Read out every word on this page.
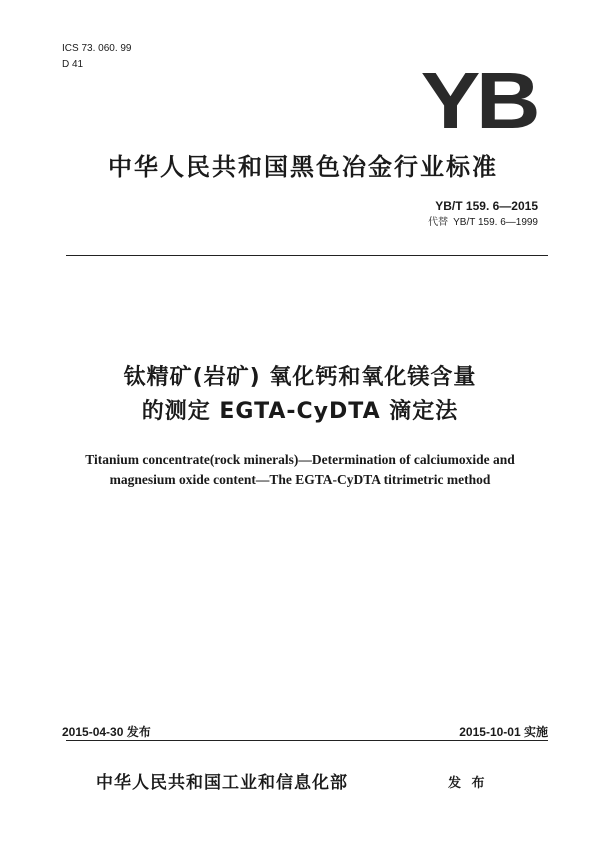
ICS 73. 060. 99
D 41	YB
中华人民共和国黑色冶金行业标准
YB/T 159. 6—2015
代替 YB/T 159. 6—1999
钛精矿(岩矿) 氧化钙和氧化镁含量
的测定 EGTA-CyDTA 滴定法
Titanium concentrate(rock minerals)—Determination of calciumoxide and
magnesium oxide content—The EGTA-CyDTA titrimetric method
2015-04-30 发布	2015-10-01 实施
中华人民共和国工业和信息化部	发 布
